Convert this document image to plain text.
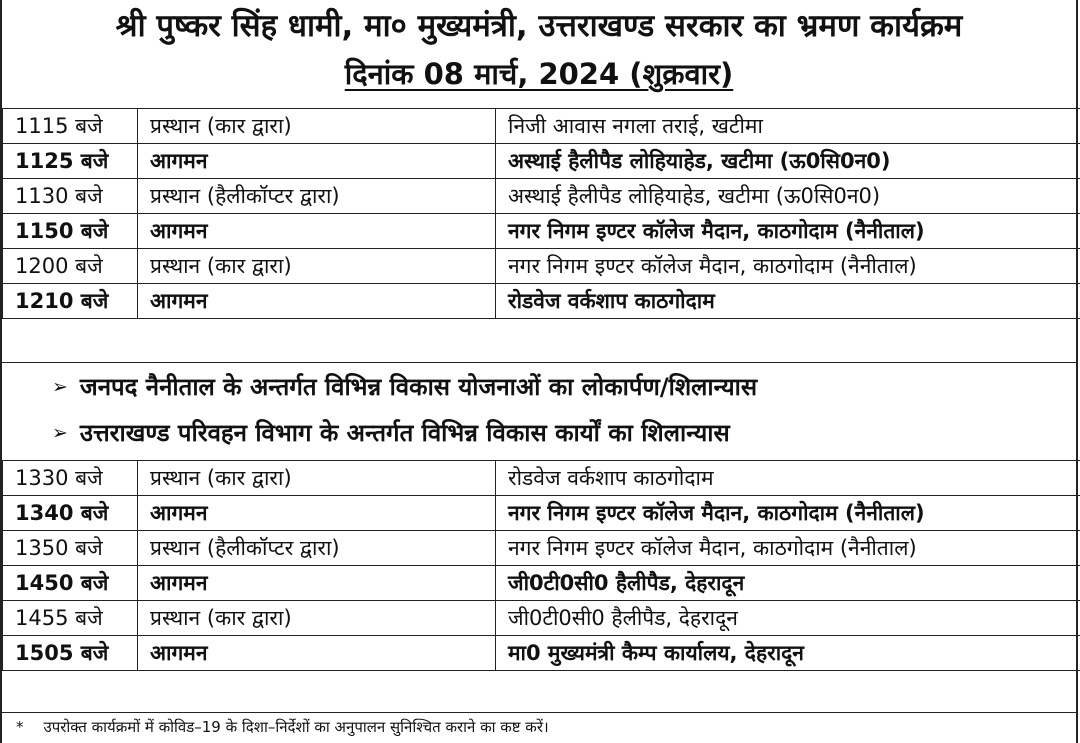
श्री पुष्कर सिंह धामी, मा० मुख्यमंत्री, उत्तराखण्ड सरकार का भ्रमण कार्यक्रम
दिनांक 08 मार्च, 2024 (शुक्रवार)
1115 बजे	प्रस्थान (कार द्वारा)	निजी आवास नगला तराई, खटीमा
1125 बजे	आगमन	अस्थाई हैलीपैड लोहियाहेड, खटीमा (ऊ0सि0न0)
1130 बजे	प्रस्थान (हैलीकॉप्टर द्वारा)	अस्थाई हैलीपैड लोहियाहेड, खटीमा (ऊ0सि0न0)
1150 बजे	आगमन	नगर निगम इण्टर कॉलेज मैदान, काठगोदाम (नैनीताल)
1200 बजे	प्रस्थान (कार द्वारा)	नगर निगम इण्टर कॉलेज मैदान, काठगोदाम (नैनीताल)
1210 बजे	आगमन	रोडवेज वर्कशाप काठगोदाम
➢ जनपद नैनीताल के अन्तर्गत विभिन्न विकास योजनाओं का लोकार्पण/शिलान्यास
➢ उत्तराखण्ड परिवहन विभाग के अन्तर्गत विभिन्न विकास कार्यों का शिलान्यास
1330 बजे	प्रस्थान (कार द्वारा)	रोडवेज वर्कशाप काठगोदाम
1340 बजे	आगमन	नगर निगम इण्टर कॉलेज मैदान, काठगोदाम (नैनीताल)
1350 बजे	प्रस्थान (हैलीकॉप्टर द्वारा)	नगर निगम इण्टर कॉलेज मैदान, काठगोदाम (नैनीताल)
1450 बजे	आगमन	जी0टी0सी0 हैलीपैड, देहरादून
1455 बजे	प्रस्थान (कार द्वारा)	जी0टी0सी0 हैलीपैड, देहरादून
1505 बजे	आगमन	मा0 मुख्यमंत्री कैम्प कार्यालय, देहरादून
* उपरोक्त कार्यक्रमों में कोविड–19 के दिशा–निर्देशों का अनुपालन सुनिश्चित कराने का कष्ट करें।
